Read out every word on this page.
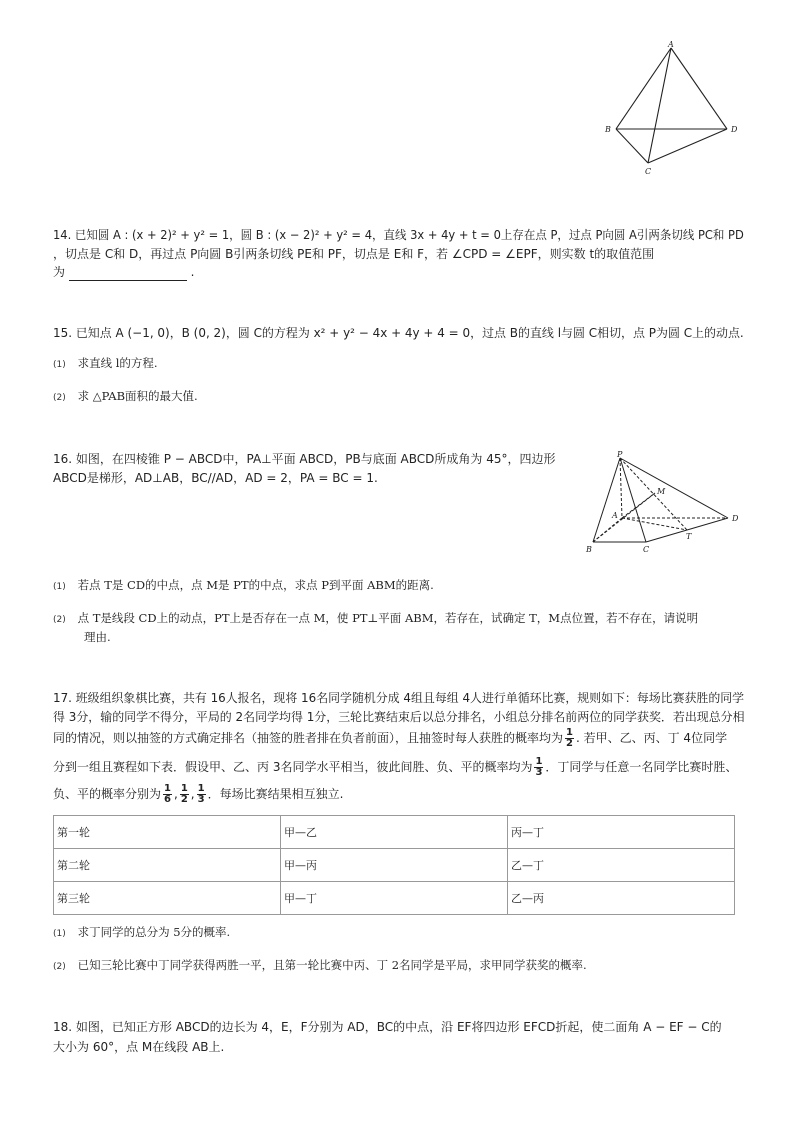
A
B	D
C
14. 已知圆 A : (x + 2)² + y² = 1，圆 B : (x − 2)² + y² = 4，直线 3x + 4y + t = 0上存在点 P，过点 P向圆 A引两条切线 PC和 PD
，切点是 C和 D，再过点 P向圆 B引两条切线 PE和 PF，切点是 E和 F，若 ∠CPD = ∠EPF，则实数 t的取值范围
为	.
15. 已知点 A (−1, 0)，B (0, 2)，圆 C的方程为 x² + y² − 4x + 4y + 4 = 0，过点 B的直线 l与圆 C相切，点 P为圆 C上的动点.
(1) 求直线 l的方程.
(2) 求 △PAB面积的最大值.
16. 如图，在四棱锥 P − ABCD中，PA⊥平面 ABCD，PB与底面 ABCD所成角为 45°，四边形
ABCD是梯形，AD⊥AB，BC//AD，AD = 2，PA = BC = 1.
P
M
A	D
B	C
T
(1) 若点 T是 CD的中点，点 M是 PT的中点，求点 P到平面 ABM的距离.
(2) 点 T是线段 CD上的动点，PT上是否存在一点 M，使 PT⊥平面 ABM，若存在，试确定 T，M点位置，若不存在，请说明
理由.
17. 班级组织象棋比赛，共有 16人报名，现将 16名同学随机分成 4组且每组 4人进行单循环比赛，规则如下：每场比赛获胜的同学
得 3分，输的同学不得分，平局的 2名同学均得 1分，三轮比赛结束后以总分排名，小组总分排名前两位的同学获奖．若出现总分相
同的情况，则以抽签的方式确定排名（抽签的胜者排在负者前面），且抽签时每人获胜的概率均为 $\frac{1}{2}$ . 若甲、乙、丙、丁 4位同学
分到一组且赛程如下表．假设甲、乙、丙 3名同学水平相当，彼此间胜、负、平的概率均为 $\frac{1}{3}$ ．丁同学与任意一名同学比赛时胜、
负、平的概率分别为 $\frac{1}{6}$ , $\frac{1}{2}$ , $\frac{1}{3}$ ．每场比赛结果相互独立.
第一轮	甲—乙	丙—丁
第二轮	甲—丙	乙—丁
第三轮	甲—丁	乙—丙
(1) 求丁同学的总分为 5分的概率.
(2) 已知三轮比赛中丁同学获得两胜一平，且第一轮比赛中丙、丁 2名同学是平局，求甲同学获奖的概率.
18. 如图，已知正方形 ABCD的边长为 4，E，F分别为 AD，BC的中点，沿 EF将四边形 EFCD折起，使二面角 A − EF − C的
大小为 60°，点 M在线段 AB上.
